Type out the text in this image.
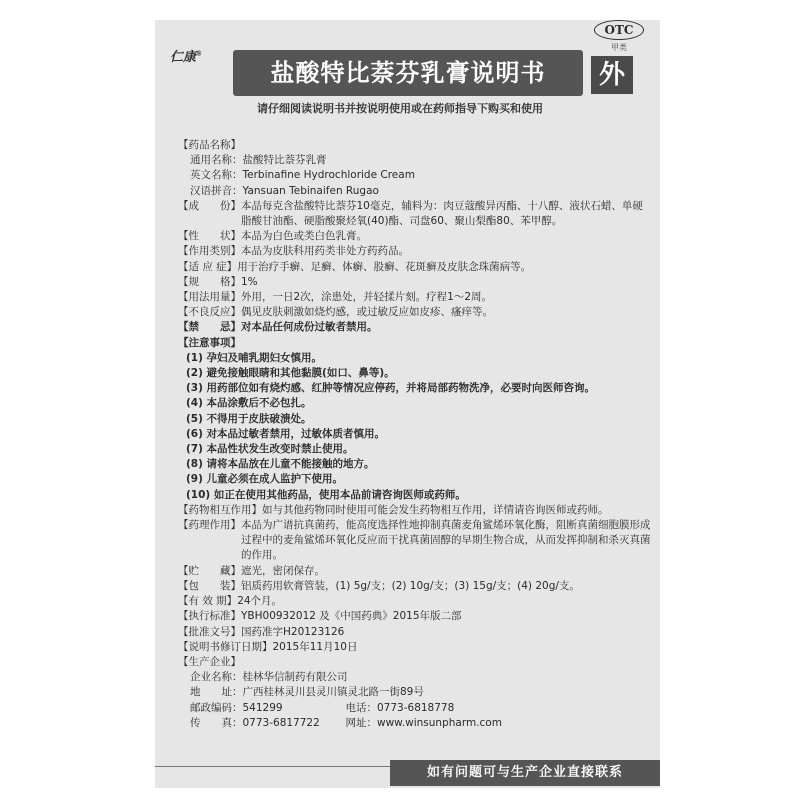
仁康®
OTC
甲类
盐酸特比萘芬乳膏说明书	外
请仔细阅读说明书并按说明使用或在药师指导下购买和使用
【药品名称】
通用名称： 盐酸特比萘芬乳膏
英文名称： Terbinafine Hydrochloride Cream
汉语拼音： Yansuan Tebinaifen Rugao
【成　　份】 本品每克含盐酸特比萘芬10毫克，辅料为：肉豆蔻酸异丙酯、十八醇、液状石蜡、单硬脂酸甘油酯、硬脂酸聚烃氧(40)酯、司盘60、聚山梨酯80、苯甲醇。
【性　　状】 本品为白色或类白色乳膏。
【作用类别】 本品为皮肤科用药类非处方药药品。
【适 应 症】 用于治疗手癣、足癣、体癣、股癣、花斑癣及皮肤念珠菌病等。
【规　　格】 1%
【用法用量】 外用，一日2次，涂患处，并轻揉片刻。疗程1～2周。
【不良反应】 偶见皮肤刺激如烧灼感，或过敏反应如皮疹、瘙痒等。
【禁　　忌】 对本品任何成份过敏者禁用。
【注意事项】
(1) 孕妇及哺乳期妇女慎用。
(2) 避免接触眼睛和其他黏膜(如口、鼻等)。
(3) 用药部位如有烧灼感、红肿等情况应停药，并将局部药物洗净，必要时向医师咨询。
(4) 本品涂敷后不必包扎。
(5) 不得用于皮肤破溃处。
(6) 对本品过敏者禁用，过敏体质者慎用。
(7) 本品性状发生改变时禁止使用。
(8) 请将本品放在儿童不能接触的地方。
(9) 儿童必须在成人监护下使用。
(10) 如正在使用其他药品，使用本品前请咨询医师或药师。
【药物相互作用】 如与其他药物同时使用可能会发生药物相互作用，详情请咨询医师或药师。
【药理作用】 本品为广谱抗真菌药，能高度选择性地抑制真菌麦角鲨烯环氧化酶，阻断真菌细胞膜形成过程中的麦角鲨烯环氧化反应而干扰真菌固醇的早期生物合成，从而发挥抑制和杀灭真菌的作用。
【贮　　藏】 遮光，密闭保存。
【包　　装】 铝质药用软膏管装，(1) 5g/支；(2) 10g/支；(3) 15g/支；(4) 20g/支。
【有 效 期】 24个月。
【执行标准】 YBH00932012 及《中国药典》2015年版二部
【批准文号】 国药准字H20123126
【说明书修订日期】 2015年11月10日
【生产企业】
企业名称： 桂林华信制药有限公司
地　　址： 广西桂林灵川县灵川镇灵北路一街89号
邮政编码： 541299	电话： 0773-6818778
传　　真： 0773-6817722	网址： www.winsunpharm.com
如有问题可与生产企业直接联系
